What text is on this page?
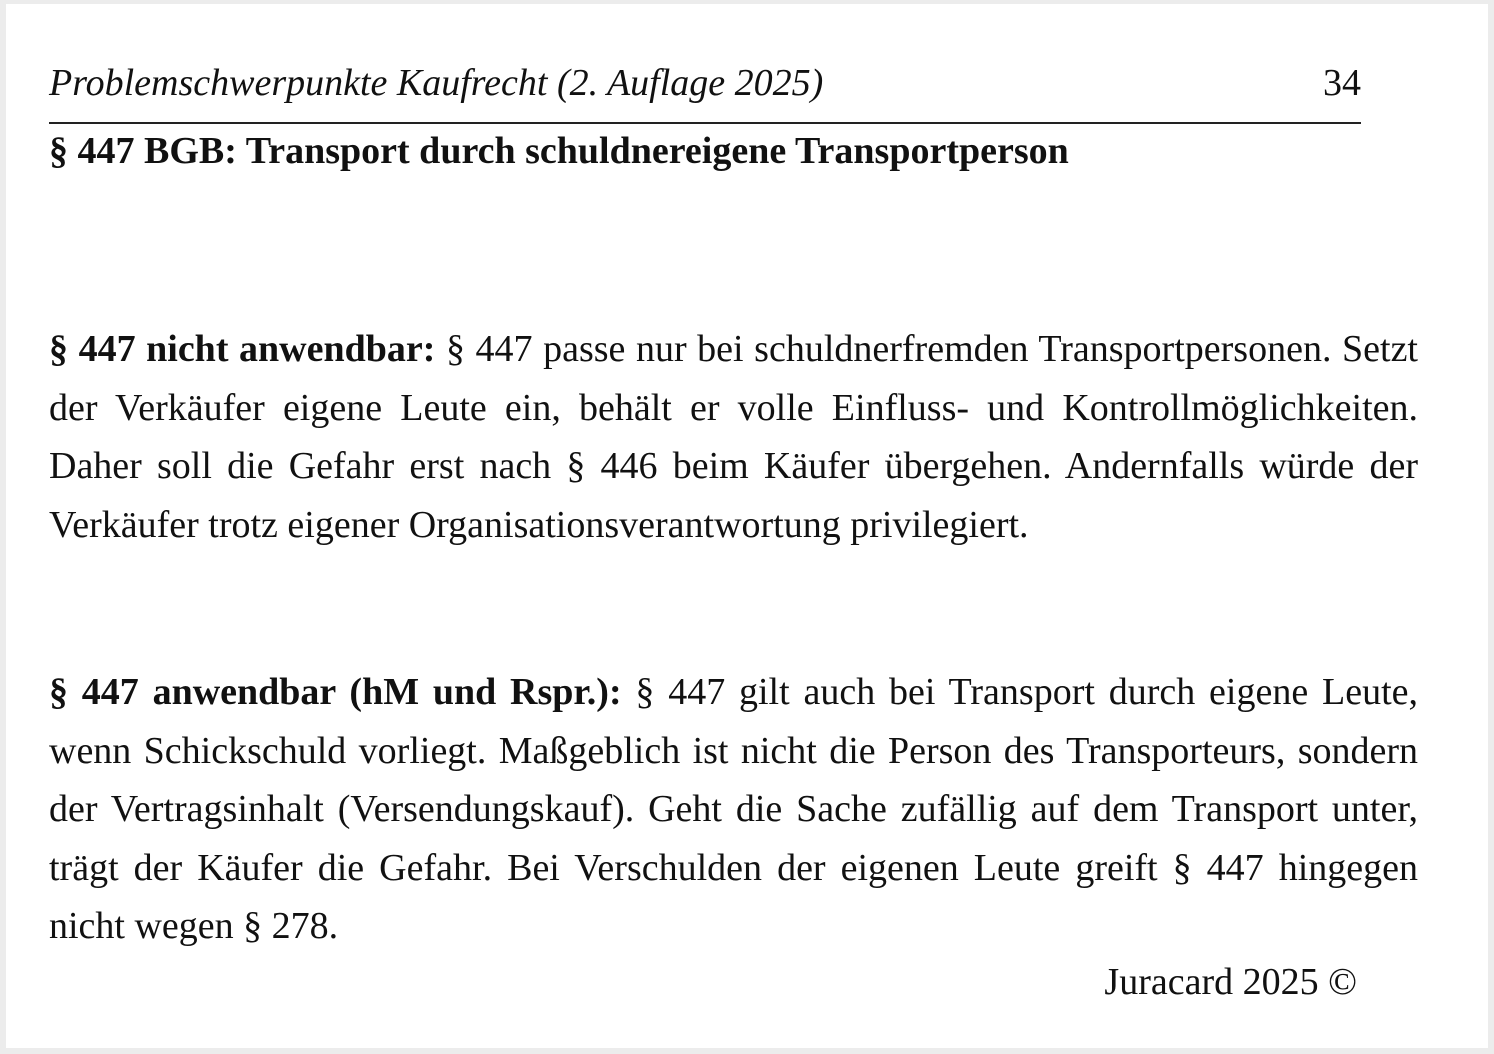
Problemschwerpunkte Kaufrecht (2. Auflage 2025)	34
§ 447 BGB: Transport durch schuldnereigene Transportperson

§ 447 nicht anwendbar: § 447 passe nur bei schuldnerfremden Transportpersonen. Setzt der Verkäufer eigene Leute ein, behält er volle Einfluss- und Kontrollmöglichkeiten. Daher soll die Gefahr erst nach § 446 beim Käufer übergehen. Andernfalls würde der Verkäufer trotz eigener Organisationsverantwortung privilegiert.

§ 447 anwendbar (hM und Rspr.): § 447 gilt auch bei Transport durch eigene Leute, wenn Schickschuld vorliegt. Maßgeblich ist nicht die Person des Transporteurs, sondern der Vertragsinhalt (Versendungskauf). Geht die Sache zufällig auf dem Transport unter, trägt der Käufer die Gefahr. Bei Verschulden der eigenen Leute greift § 447 hingegen nicht wegen § 278.

Juracard 2025 ©
